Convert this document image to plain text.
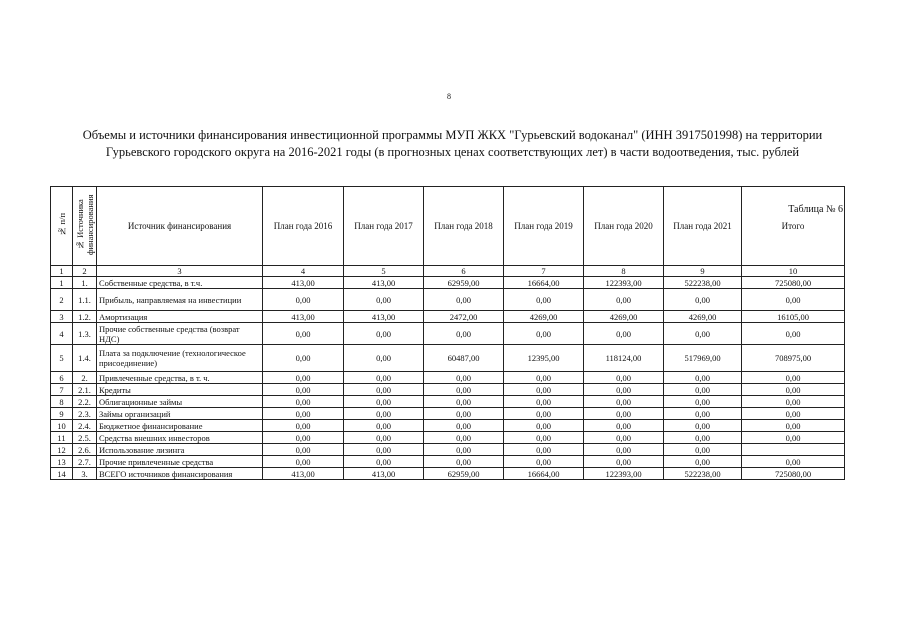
8
Объемы и источники финансирования инвестиционной программы МУП ЖКХ "Гурьевский водоканал" (ИНН 3917501998) на территории
Гурьевского городского округа на 2016-2021 годы (в прогнозных ценах соответствующих лет) в части водоотведения, тыс. рублей
Таблица № 6
№ п/п	№ Источника финансирования	Источник финансирования	План года 2016	План года 2017	План года 2018	План года 2019	План года 2020	План года 2021	Итого
1	2	3	4	5	6	7	8	9	10
1	1.	Собственные средства, в т.ч.	413,00	413,00	62959,00	16664,00	122393,00	522238,00	725080,00
2	1.1.	Прибыль, направляемая на инвестиции	0,00	0,00	0,00	0,00	0,00	0,00	0,00
3	1.2.	Амортизация	413,00	413,00	2472,00	4269,00	4269,00	4269,00	16105,00
4	1.3.	Прочие собственные средства (возврат НДС)	0,00	0,00	0,00	0,00	0,00	0,00	0,00
5	1.4.	Плата за подключение (технологическое присоединение)	0,00	0,00	60487,00	12395,00	118124,00	517969,00	708975,00
6	2.	Привлеченные средства, в т. ч.	0,00	0,00	0,00	0,00	0,00	0,00	0,00
7	2.1.	Кредиты	0,00	0,00	0,00	0,00	0,00	0,00	0,00
8	2.2.	Облигационные займы	0,00	0,00	0,00	0,00	0,00	0,00	0,00
9	2.3.	Займы организаций	0,00	0,00	0,00	0,00	0,00	0,00	0,00
10	2.4.	Бюджетное финансирование	0,00	0,00	0,00	0,00	0,00	0,00	0,00
11	2.5.	Средства внешних инвесторов	0,00	0,00	0,00	0,00	0,00	0,00	0,00
12	2.6.	Использование лизинга	0,00	0,00	0,00	0,00	0,00	0,00	
13	2.7.	Прочие привлеченные средства	0,00	0,00	0,00	0,00	0,00	0,00	0,00
14	3.	ВСЕГО источников финансирования	413,00	413,00	62959,00	16664,00	122393,00	522238,00	725080,00
